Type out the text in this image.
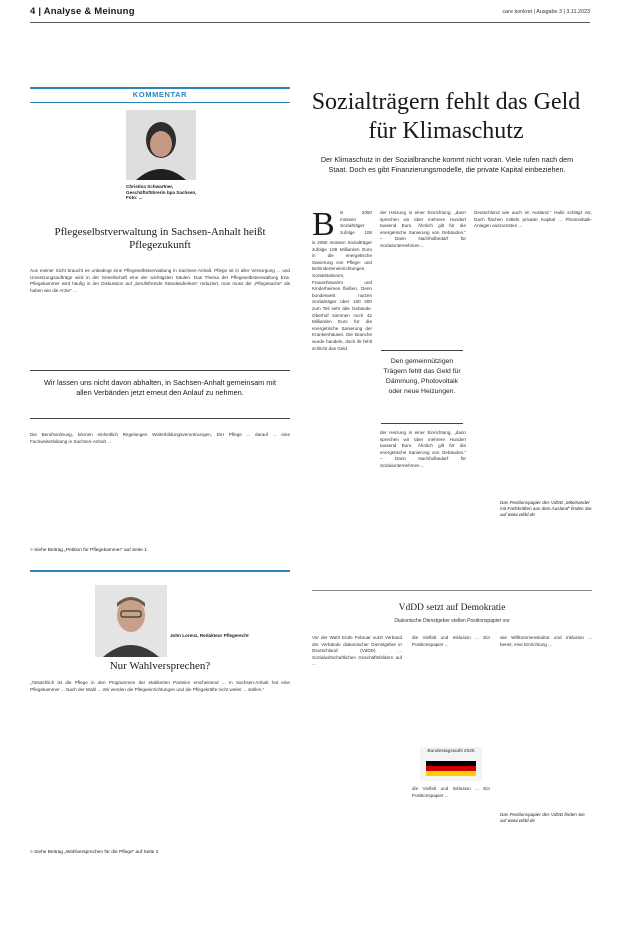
4 | Analyse & Meinung	care konkret | Ausgabe 3 | 3.11.2023
KOMMENTAR
Christina Schwartner, Geschäftsführerin bpa Sachsen, Foto: ...
Pflegeselbstverwaltung in Sachsen-Anhalt heißt Pflegezukunft
Aus meiner Sicht braucht es unbedingt eine Pflegeselbstverwaltung in Sachsen-Anhalt. Pflege ist in aller Versorgung ... und Umsetzungsaufträge wird in der Gesellschaft eine der wichtigsten Säulen. Das Thema der Pflegeselbstverwaltung bzw. Pflegekammer wird häufig in der Diskussion auf „berufsfremde Standesdenken“ reduziert, man muss die „Pflegesache“ als haben wie die Arzte“ ...
Wir lassen uns nicht davon abhalten, in Sachsen-Anhalt gemeinsam mit allen Verbänden jetzt erneut den Anlauf zu nehmen.
Die Berufsordnung, können einheitlich Regelungen Weiterbildungsverordnungen, Der Pflege ... darauf ... eine Fachweiterbildung in Sachsen-Anhalt ...
> Siehe Beitrag „Petition für Pflegekammer“ auf Seite 1
John Lorenz, Redakteur Pflegerecht
Nur Wahlversprechen?
„Tatsächlich ist die Pflege in den Programmen der etablierten Parteien erscheinend ... In Sachsen-Anhalt hat eine Pflegekammer ... Nach der Wahl ... Wir werden die Pflegeeinrichtungen und die Pflegekräfte nicht weiter ... stellen.“
> Siehe Beitrag „Wahlversprechen für die Pflege“ auf Seite 2
Sozialträgern fehlt das Geld für Klimaschutz
Der Klimaschutz in der Sozialbranche kommt nicht voran. Viele rufen nach dem Staat. Doch es gibt Finanzierungsmodelle, die private Kapital einbeziehen.
B is 2050 müssen Sozialträger zufolge 108
is 2050 müssen Sozialträger zufolge 108 Milliarden Euro in die energetische Sanierung von Pflege- und Behinderteneinrichtungen. Sozialstationen, Frauenhäusern und Kinderheimen fließen. Denn bundesweit nutzen Sozialträger über 100 000 zum Teil sehr alte Gebäude. Oberhof sammen noch 42 Milliarden Euro für die energetische Sanierung der Krankenhäuser. Die Branche wurde handeln, doch ihr fehlt schlicht das Geld.
der Heizung in einer Einrichtung, „dann sprechen wir über mehrere Hundert tausend Euro. Ähnlich gilt für die energetische Sanierung von Gebäuden.“ – Dann Nachholbedarf für Sozialunternehmen ...
Den gemeinnützigen Trägern fehlt das Geld für Dämmung, Photovoltaik oder neue Heizungen.
der Heizung in einer Einrichtung, „dann sprechen wir über mehrere Hundert tausend Euro. Ähnlich gilt für die energetische Sanierung von Gebäuden.“ – Dann Nachholbedarf für Sozialunternehmen ...
Deutschland wie auch im Ausland.“ Hallo schlägt vor, Dach flächen mittels privater Kapital ... Photovoltaik-Anlagen auszurüsten ...
VdDD setzt auf Demokratie
Diakonische Dienstgeber stellen Positionspapier vor
Vor der Wahl Ende Februar nutzt Verband der Verbände diakonischer Dienstgeber in Deutschland (VdDD) ... Sozialwirtschaftlichen Geschäftsfeldern auf ...
die Vielfalt und Inklusion ... Ein Positionspapier ...
Bundestagswahl 2025
die Vielfalt und Inklusion ... Ein Positionspapier ...
wie Willkommenskultur und Inklusion ... bereit, eine Einrichtung ...
Das Positionspapier des VdDD „Miteinander mit Fachkräften aus dem Ausland“ finden Sie auf www.vddd.de
Das Positionspapier des VdDD finden Sie auf www.vddd.de
